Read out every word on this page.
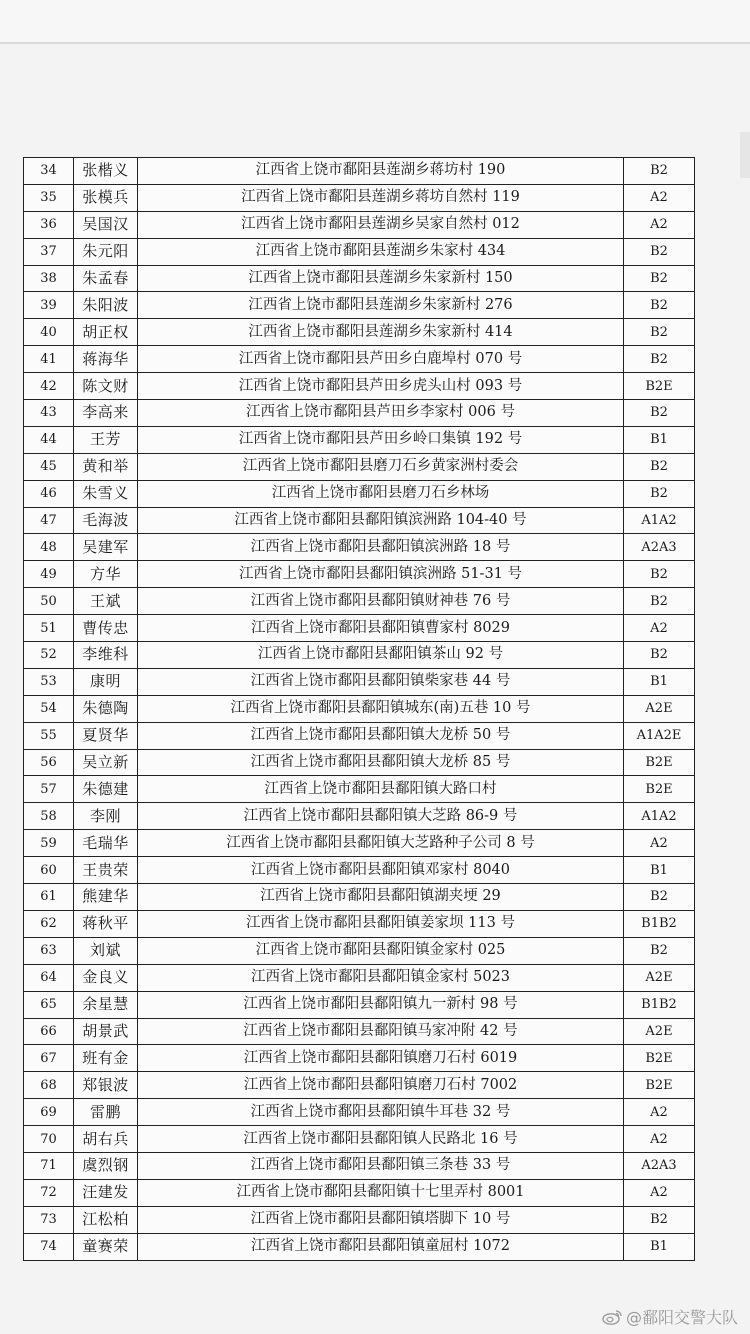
34	张楷义	江西省上饶市鄱阳县莲湖乡蒋坊村 190	B2
35	张模兵	江西省上饶市鄱阳县莲湖乡蒋坊自然村 119	A2
36	吴国汉	江西省上饶市鄱阳县莲湖乡吴家自然村 012	A2
37	朱元阳	江西省上饶市鄱阳县莲湖乡朱家村 434	B2
38	朱孟春	江西省上饶市鄱阳县莲湖乡朱家新村 150	B2
39	朱阳波	江西省上饶市鄱阳县莲湖乡朱家新村 276	B2
40	胡正权	江西省上饶市鄱阳县莲湖乡朱家新村 414	B2
41	蒋海华	江西省上饶市鄱阳县芦田乡白鹿埠村 070 号	B2
42	陈文财	江西省上饶市鄱阳县芦田乡虎头山村 093 号	B2E
43	李高来	江西省上饶市鄱阳县芦田乡李家村 006 号	B2
44	王芳	江西省上饶市鄱阳县芦田乡岭口集镇 192 号	B1
45	黄和举	江西省上饶市鄱阳县磨刀石乡黄家洲村委会	B2
46	朱雪义	江西省上饶市鄱阳县磨刀石乡林场	B2
47	毛海波	江西省上饶市鄱阳县鄱阳镇滨洲路 104-40 号	A1A2
48	吴建军	江西省上饶市鄱阳县鄱阳镇滨洲路 18 号	A2A3
49	方华	江西省上饶市鄱阳县鄱阳镇滨洲路 51-31 号	B2
50	王斌	江西省上饶市鄱阳县鄱阳镇财神巷 76 号	B2
51	曹传忠	江西省上饶市鄱阳县鄱阳镇曹家村 8029	A2
52	李维科	江西省上饶市鄱阳县鄱阳镇茶山 92 号	B2
53	康明	江西省上饶市鄱阳县鄱阳镇柴家巷 44 号	B1
54	朱德陶	江西省上饶市鄱阳县鄱阳镇城东(南)五巷 10 号	A2E
55	夏贤华	江西省上饶市鄱阳县鄱阳镇大龙桥 50 号	A1A2E
56	吴立新	江西省上饶市鄱阳县鄱阳镇大龙桥 85 号	B2E
57	朱德建	江西省上饶市鄱阳县鄱阳镇大路口村	B2E
58	李刚	江西省上饶市鄱阳县鄱阳镇大芝路 86-9 号	A1A2
59	毛瑞华	江西省上饶市鄱阳县鄱阳镇大芝路种子公司 8 号	A2
60	王贵荣	江西省上饶市鄱阳县鄱阳镇邓家村 8040	B1
61	熊建华	江西省上饶市鄱阳县鄱阳镇湖夹埂 29	B2
62	蒋秋平	江西省上饶市鄱阳县鄱阳镇姜家坝 113 号	B1B2
63	刘斌	江西省上饶市鄱阳县鄱阳镇金家村 025	B2
64	金良义	江西省上饶市鄱阳县鄱阳镇金家村 5023	A2E
65	余星慧	江西省上饶市鄱阳县鄱阳镇九一新村 98 号	B1B2
66	胡景武	江西省上饶市鄱阳县鄱阳镇马家冲附 42 号	A2E
67	班有金	江西省上饶市鄱阳县鄱阳镇磨刀石村 6019	B2E
68	郑银波	江西省上饶市鄱阳县鄱阳镇磨刀石村 7002	B2E
69	雷鹏	江西省上饶市鄱阳县鄱阳镇牛耳巷 32 号	A2
70	胡右兵	江西省上饶市鄱阳县鄱阳镇人民路北 16 号	A2
71	虞烈钢	江西省上饶市鄱阳县鄱阳镇三条巷 33 号	A2A3
72	汪建发	江西省上饶市鄱阳县鄱阳镇十七里弄村 8001	A2
73	江松柏	江西省上饶市鄱阳县鄱阳镇塔脚下 10 号	B2
74	童赛荣	江西省上饶市鄱阳县鄱阳镇童屈村 1072	B1
@鄱阳交警大队
